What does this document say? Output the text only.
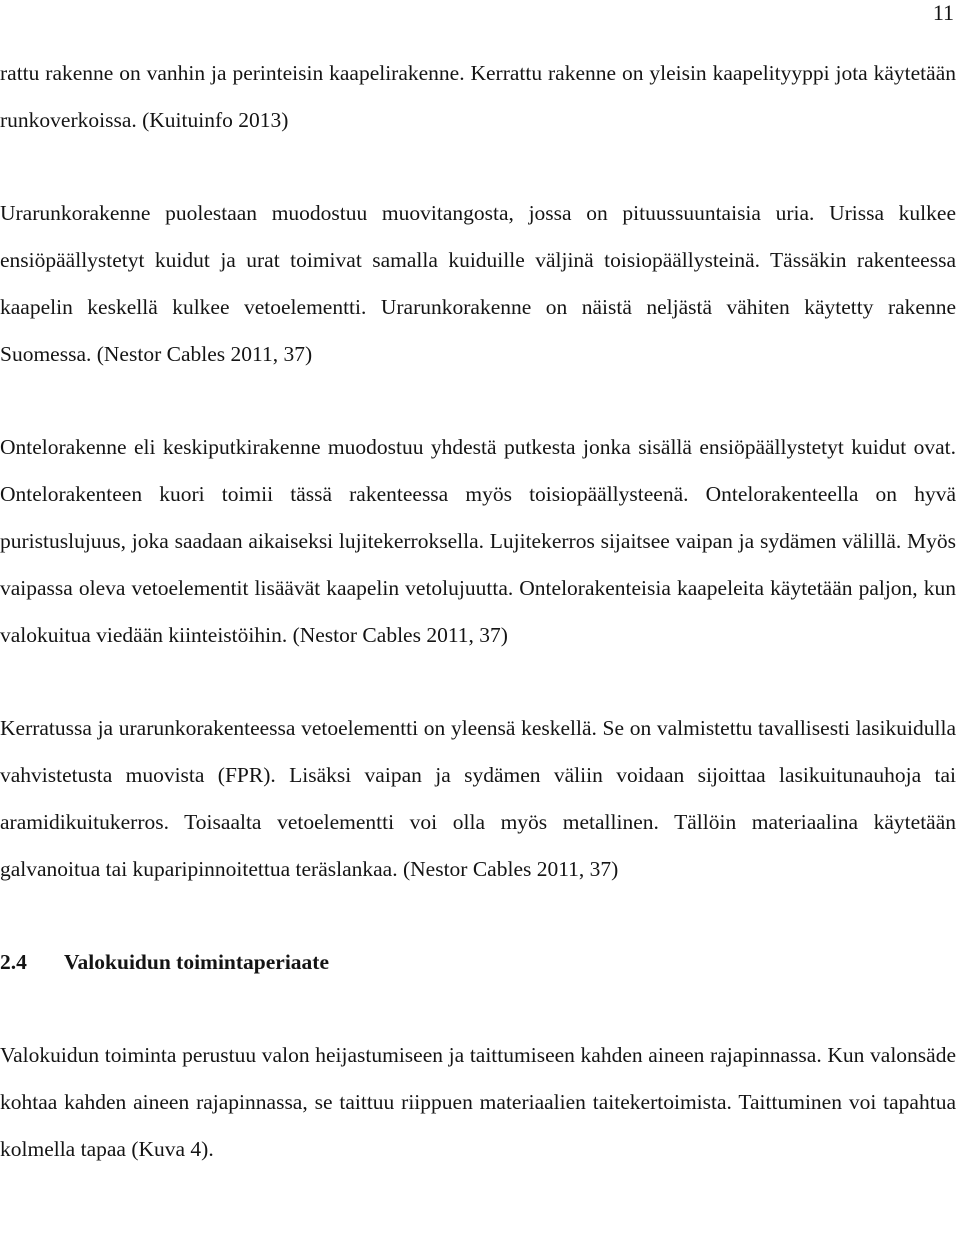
11

rattu rakenne on vanhin ja perinteisin kaapelirakenne. Kerrattu rakenne on yleisin kaapelityyppi jota käytetään runkoverkoissa. (Kuituinfo 2013)

Urarunkorakenne puolestaan muodostuu muovitangosta, jossa on pituussuuntaisia uria. Urissa kulkee ensiöpäällystetyt kuidut ja urat toimivat samalla kuiduille väljinä toisiopäällysteinä. Tässäkin rakenteessa kaapelin keskellä kulkee vetoelementti. Urarunkorakenne on näistä neljästä vähiten käytetty rakenne Suomessa. (Nestor Cables 2011, 37)

Ontelorakenne eli keskiputkirakenne muodostuu yhdestä putkesta jonka sisällä ensiöpäällystetyt kuidut ovat. Ontelorakenteen kuori toimii tässä rakenteessa myös toisiopäällysteenä. Ontelorakenteella on hyvä puristuslujuus, joka saadaan aikaiseksi lujitekerroksella. Lujitekerros sijaitsee vaipan ja sydämen välillä. Myös vaipassa oleva vetoelementit lisäävät kaapelin vetolujuutta. Ontelorakenteisia kaapeleita käytetään paljon, kun valokuitua viedään kiinteistöihin. (Nestor Cables 2011, 37)

Kerratussa ja urarunkorakenteessa vetoelementti on yleensä keskellä. Se on valmistettu tavallisesti lasikuidulla vahvistetusta muovista (FPR). Lisäksi vaipan ja sydämen väliin voidaan sijoittaa lasikuitunauhoja tai aramidikuitukerros. Toisaalta vetoelementti voi olla myös metallinen. Tällöin materiaalina käytetään galvanoitua tai kuparipinnoitettua teräslankaa. (Nestor Cables 2011, 37)

2.4	Valokuidun toimintaperiaate

Valokuidun toiminta perustuu valon heijastumiseen ja taittumiseen kahden aineen rajapinnassa. Kun valonsäde kohtaa kahden aineen rajapinnassa, se taittuu riippuen materiaalien taitekertoimista. Taittuminen voi tapahtua kolmella tapaa (Kuva 4).
